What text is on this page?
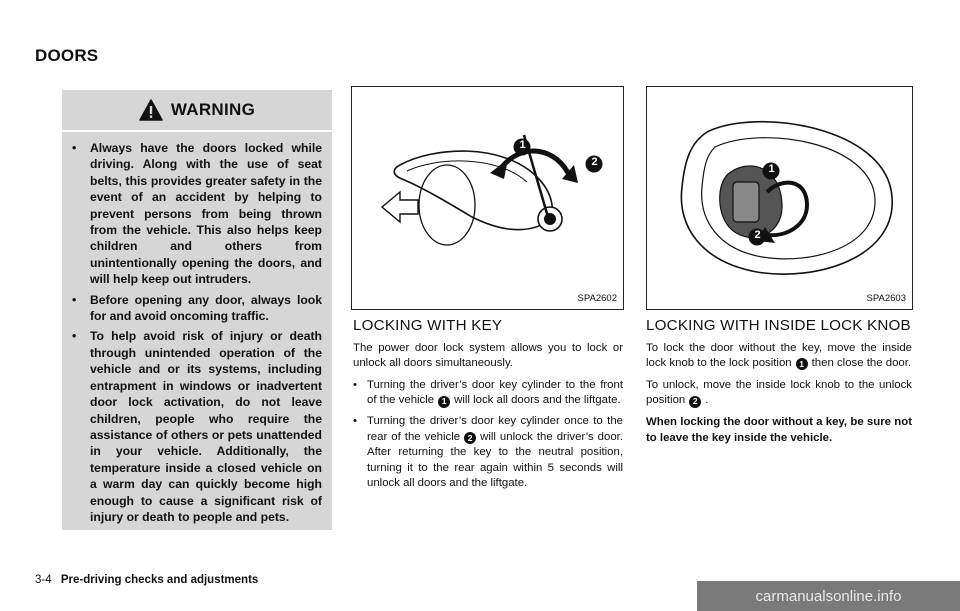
DOORS
WARNING
• Always have the doors locked while driving. Along with the use of seat belts, this provides greater safety in the event of an accident by helping to prevent persons from being thrown from the vehicle. This also helps keep children and others from unintentionally opening the doors, and will help keep out intruders.
• Before opening any door, always look for and avoid oncoming traffic.
• To help avoid risk of injury or death through unintended operation of the vehicle and or its systems, including entrapment in windows or inadvertent door lock activation, do not leave children, people who require the assistance of others or pets unattended in your vehicle. Additionally, the temperature inside a closed vehicle on a warm day can quickly become high enough to cause a significant risk of injury or death to people and pets.
1
2
SPA2602
1
2
SPA2603
LOCKING WITH KEY

The power door lock system allows you to lock or unlock all doors simultaneously.

• Turning the driver’s door key cylinder to the front of the vehicle 1 will lock all doors and the liftgate.
• Turning the driver’s door key cylinder once to the rear of the vehicle 2 will unlock the driver’s door. After returning the key to the neutral position, turning it to the rear again within 5 seconds will unlock all doors and the liftgate.
LOCKING WITH INSIDE LOCK KNOB

To lock the door without the key, move the inside lock knob to the lock position 1 then close the door.

To unlock, move the inside lock knob to the unlock position 2 .

When locking the door without a key, be sure not to leave the key inside the vehicle.

3-4 Pre-driving checks and adjustments
carmanualsonline.info
